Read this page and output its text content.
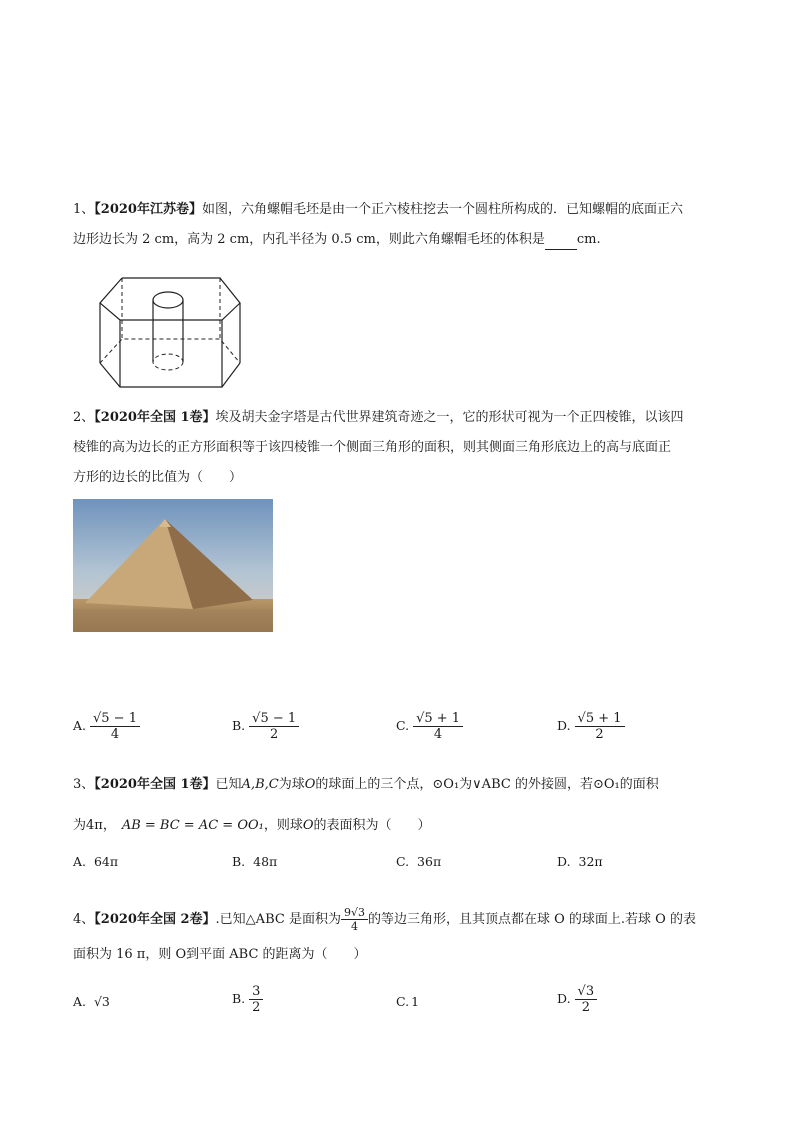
1、【2020年江苏卷】如图，六角螺帽毛坯是由一个正六棱柱挖去一个圆柱所构成的．已知螺帽的底面正六
边形边长为 2 cm，高为 2 cm，内孔半径为 0.5 cm，则此六角螺帽毛坯的体积是 cm.
2、【2020年全国 1卷】埃及胡夫金字塔是古代世界建筑奇迹之一，它的形状可视为一个正四棱锥，以该四
棱锥的高为边长的正方形面积等于该四棱锥一个侧面三角形的面积，则其侧面三角形底边上的高与底面正
方形的边长的比值为（　　）
A. $\frac{√5 - 1}{4}$	B. $\frac{√5 - 1}{2}$	C. $\frac{√5 + 1}{4}$	D. $\frac{√5 + 1}{2}$
3、【2020年全国 1卷】已知A,B,C为球O的球面上的三个点，⊙O₁为∨ABC 的外接圆，若⊙O₁的面积
为4π， AB = BC = AC = OO₁，则球O的表面积为（　　）
A. 64π	B. 48π	C. 36π	D. 32π
4、【2020年全国 2卷】.已知△ABC 是面积为 $\frac{9√3}{4}$ 的等边三角形，且其顶点都在球 O 的球面上.若球 O 的表
面积为 16 π，则 O到平面 ABC 的距离为（　　）
A. √3	B. $\frac{3}{2}$	C. 1	D. $\frac{√3}{2}$
